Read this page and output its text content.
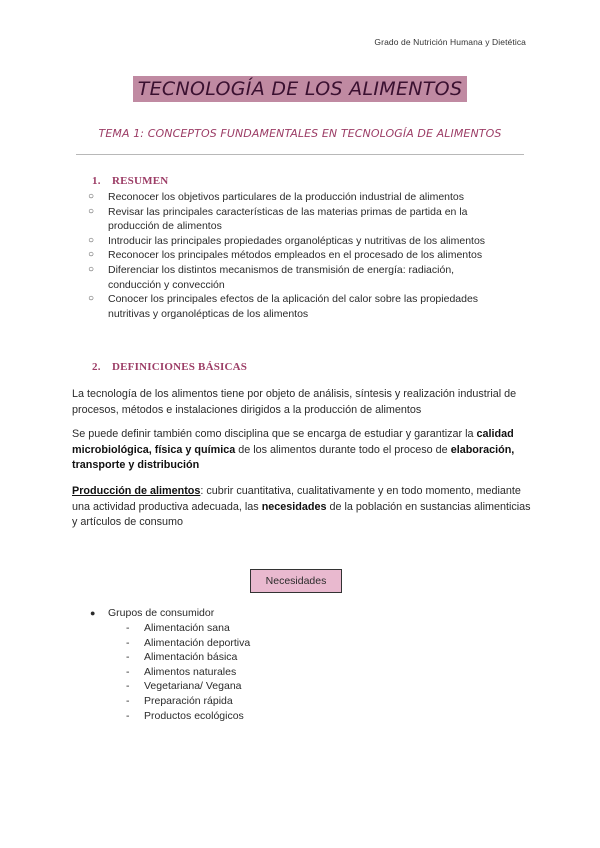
Grado de Nutrición Humana y Dietética
TECNOLOGÍA DE LOS ALIMENTOS
TEMA 1: CONCEPTOS FUNDAMENTALES EN TECNOLOGÍA DE ALIMENTOS
1. RESUMEN
○ Reconocer los objetivos particulares de la producción industrial de alimentos
○ Revisar las principales características de las materias primas de partida en la producción de alimentos
○ Introducir las principales propiedades organolépticas y nutritivas de los alimentos
○ Reconocer los principales métodos empleados en el procesado de los alimentos
○ Diferenciar los distintos mecanismos de transmisión de energía: radiación, conducción y convección
○ Conocer los principales efectos de la aplicación del calor sobre las propiedades nutritivas y organolépticas de los alimentos
2. DEFINICIONES BÁSICAS
La tecnología de los alimentos tiene por objeto de análisis, síntesis y realización industrial de procesos, métodos e instalaciones dirigidos a la producción de alimentos
Se puede definir también como disciplina que se encarga de estudiar y garantizar la calidad microbiológica, física y química de los alimentos durante todo el proceso de elaboración, transporte y distribución
Producción de alimentos: cubrir cuantitativa, cualitativamente y en todo momento, mediante una actividad productiva adecuada, las necesidades de la población en sustancias alimenticias y artículos de consumo
Necesidades
● Grupos de consumidor
- Alimentación sana
- Alimentación deportiva
- Alimentación básica
- Alimentos naturales
- Vegetariana/ Vegana
- Preparación rápida
- Productos ecológicos
